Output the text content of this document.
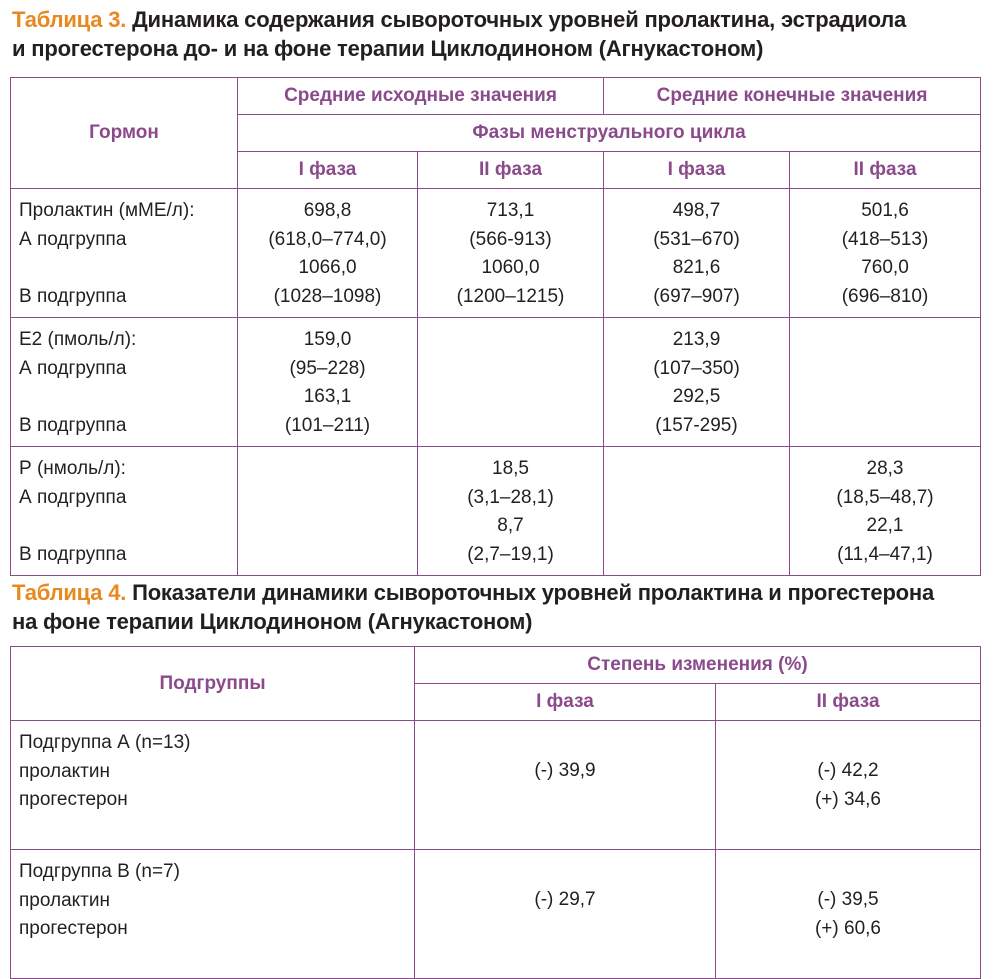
Таблица 3. Динамика содержания сывороточных уровней пролактина, эстрадиола
и прогестерона до- и на фоне терапии Циклодиноном (Агнукастоном)
Гормон	Средние исходные значения		Средние конечные значения	
	Фазы менструального цикла			
	I фаза	II фаза	I фаза	II фаза

Пролактин (мМЕ/л):
А подгруппа
В подгруппа	698,8
(618,0–774,0)
1066,0
(1028–1098)	713,1
(566-913)
1060,0
(1200–1215)	498,7
(531–670)
821,6
(697–907)	501,6
(418–513)
760,0
(696–810)

Е2 (пмоль/л):
А подгруппа
В подгруппа	159,0
(95–228)
163,1
(101–211)		213,9
(107–350)
292,5
(157-295)	

Р (нмоль/л):
А подгруппа
В подгруппа		18,5
(3,1–28,1)
8,7
(2,7–19,1)		28,3
(18,5–48,7)
22,1
(11,4–47,1)
Таблица 4. Показатели динамики сывороточных уровней пролактина и прогестерона
на фоне терапии Циклодиноном (Агнукастоном)
Подгруппы	Степень изменения (%)	
	I фаза	II фаза

Подгруппа А (n=13)
пролактин
прогестерон	(-) 39,9	(-) 42,2
(+) 34,6

Подгруппа В (n=7)
пролактин
прогестерон	(-) 29,7	(-) 39,5
(+) 60,6
